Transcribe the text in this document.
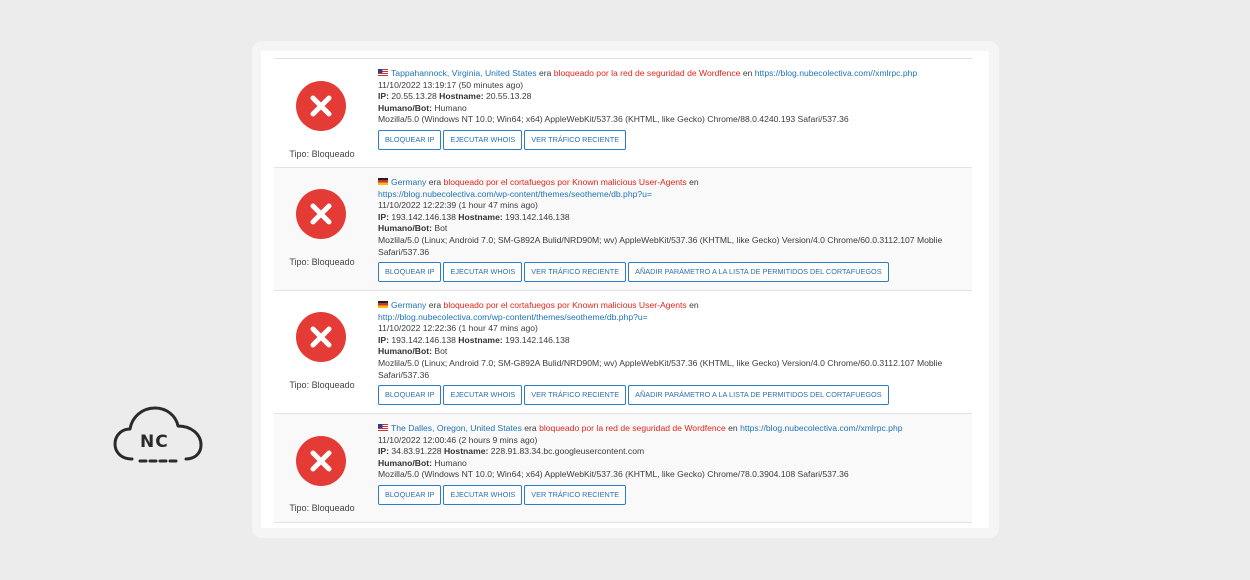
Tipo: Bloqueado
Tappahannock, Virginia, United States era bloqueado por la red de seguridad de Wordfence en https://blog.nubecolectiva.com//xmlrpc.php
11/10/2022 13:19:17 (50 minutes ago)
IP: 20.55.13.28 Hostname: 20.55.13.28
Humano/Bot: Humano
Mozilla/5.0 (Windows NT 10.0; Win64; x64) AppleWebKit/537.36 (KHTML, like Gecko) Chrome/88.0.4240.193 Safari/537.36
BLOQUEAR IP	EJECUTAR WHOIS	VER TRÁFICO RECIENTE
Tipo: Bloqueado
Germany era bloqueado por el cortafuegos por Known malicious User-Agents en
https://blog.nubecolectiva.com/wp-content/themes/seotheme/db.php?u=
11/10/2022 12:22:39 (1 hour 47 mins ago)
IP: 193.142.146.138 Hostname: 193.142.146.138
Humano/Bot: Bot
Mozlila/5.0 (Linux; Android 7.0; SM-G892A Bulid/NRD90M; wv) AppleWebKit/537.36 (KHTML, like Gecko) Version/4.0 Chrome/60.0.3112.107 Moblie Safari/537.36
BLOQUEAR IP	EJECUTAR WHOIS	VER TRÁFICO RECIENTE	AÑADIR PARÁMETRO A LA LISTA DE PERMITIDOS DEL CORTAFUEGOS
Tipo: Bloqueado
Germany era bloqueado por el cortafuegos por Known malicious User-Agents en
http://blog.nubecolectiva.com/wp-content/themes/seotheme/db.php?u=
11/10/2022 12:22:36 (1 hour 47 mins ago)
IP: 193.142.146.138 Hostname: 193.142.146.138
Humano/Bot: Bot
Mozlila/5.0 (Linux; Android 7.0; SM-G892A Bulid/NRD90M; wv) AppleWebKit/537.36 (KHTML, like Gecko) Version/4.0 Chrome/60.0.3112.107 Moblie Safari/537.36
BLOQUEAR IP	EJECUTAR WHOIS	VER TRÁFICO RECIENTE	AÑADIR PARÁMETRO A LA LISTA DE PERMITIDOS DEL CORTAFUEGOS
Tipo: Bloqueado
The Dalles, Oregon, United States era bloqueado por la red de seguridad de Wordfence en https://blog.nubecolectiva.com//xmlrpc.php
11/10/2022 12:00:46 (2 hours 9 mins ago)
IP: 34.83.91.228 Hostname: 228.91.83.34.bc.googleusercontent.com
Humano/Bot: Humano
Mozilla/5.0 (Windows NT 10.0; Win64; x64) AppleWebKit/537.36 (KHTML, like Gecko) Chrome/78.0.3904.108 Safari/537.36
BLOQUEAR IP	EJECUTAR WHOIS	VER TRÁFICO RECIENTE
NC
